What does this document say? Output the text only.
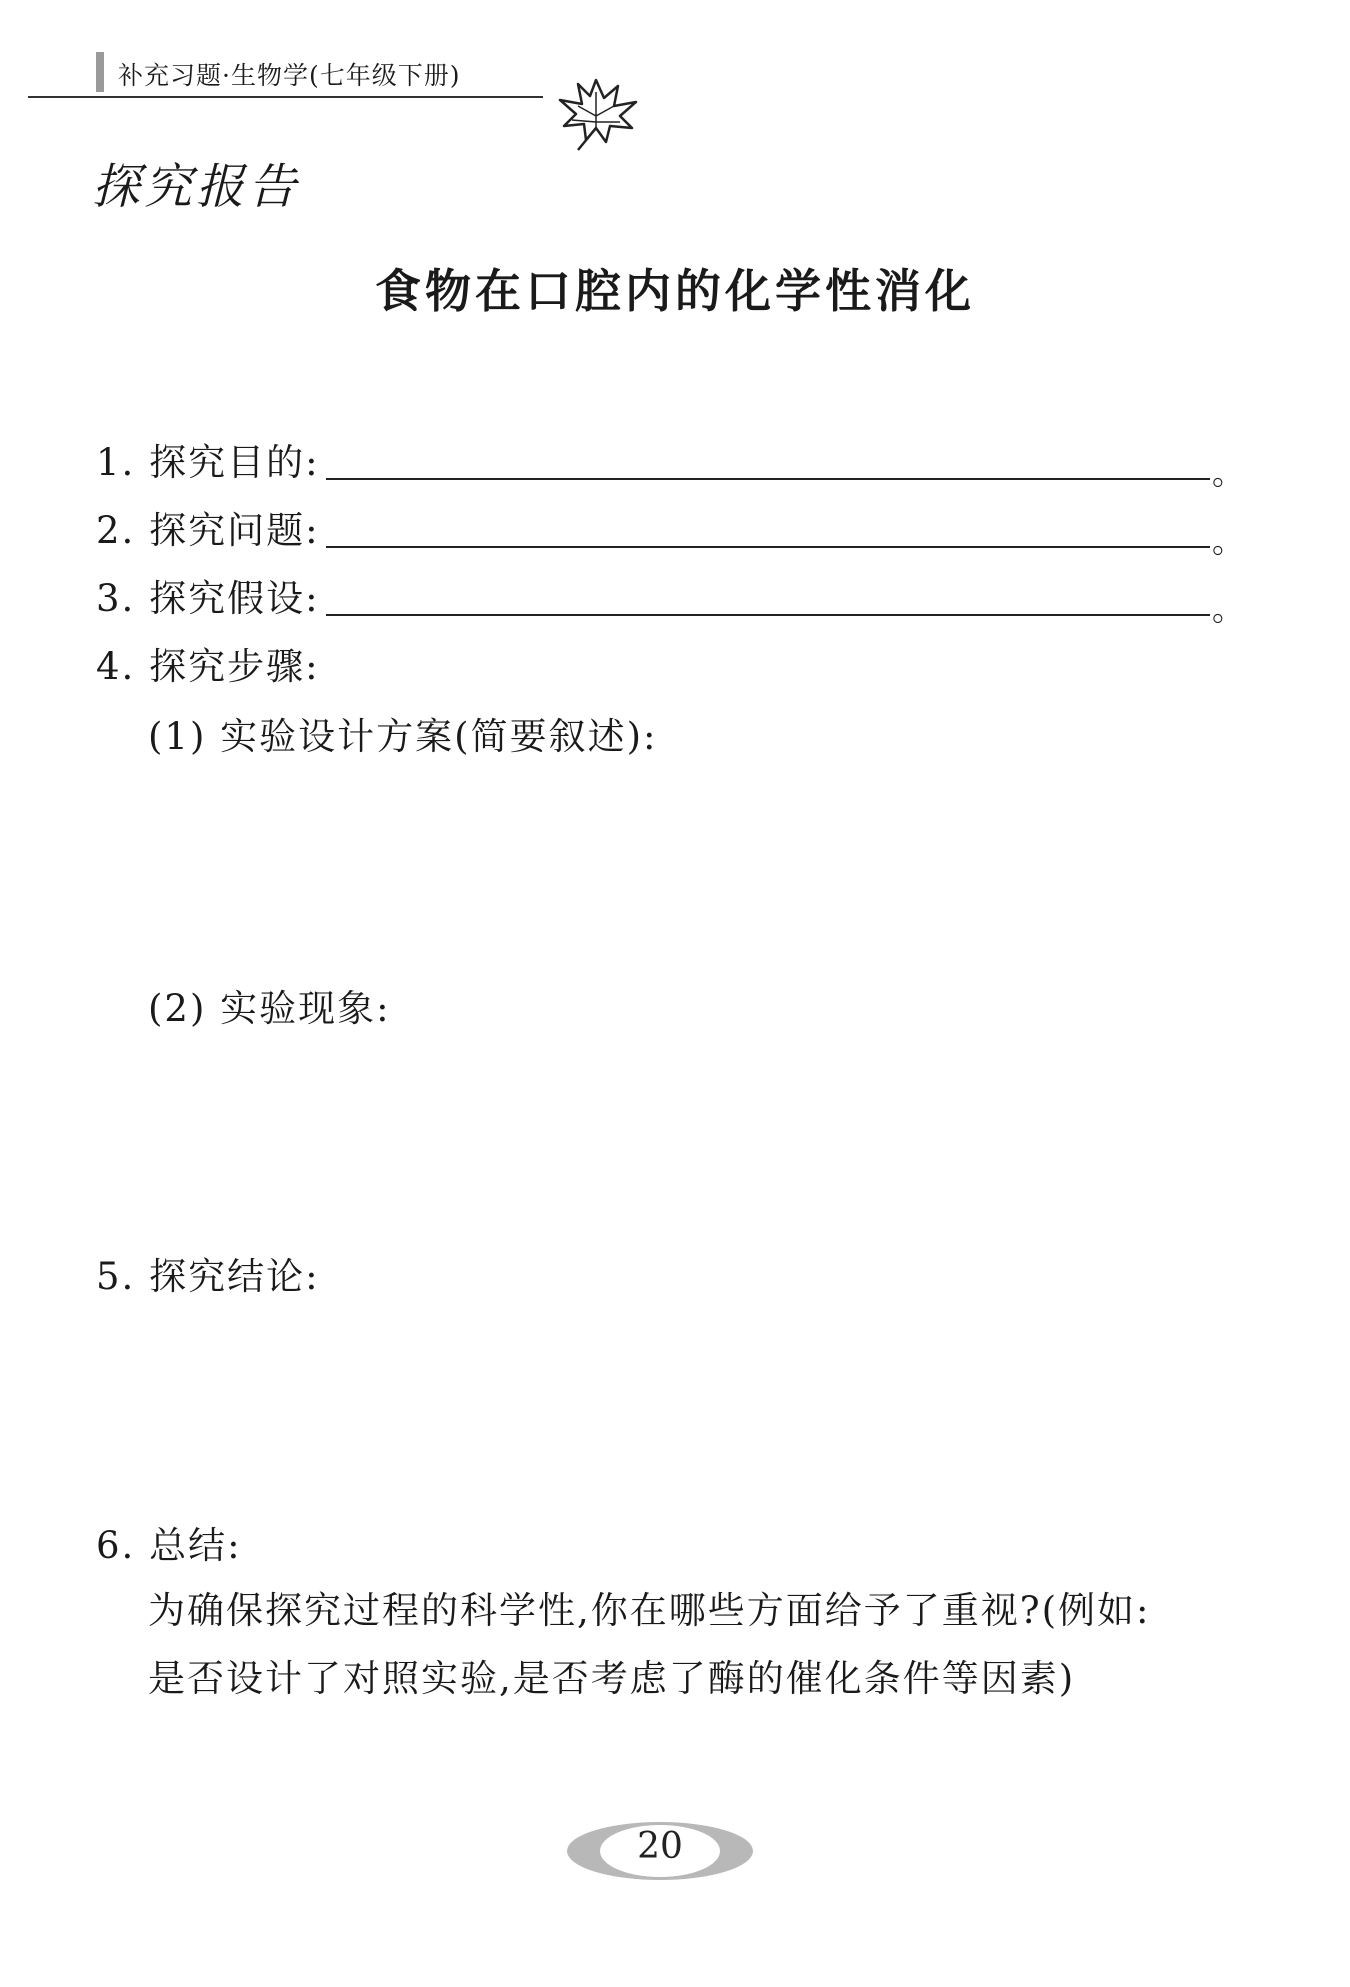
补充习题·生物学(七年级下册)
探究报告
食物在口腔内的化学性消化
1. 探究目的:	。
2. 探究问题:	。
3. 探究假设:	。
4. 探究步骤:
(1) 实验设计方案(简要叙述):
(2) 实验现象:
5. 探究结论:
6. 总结:
为确保探究过程的科学性,你在哪些方面给予了重视?(例如:
是否设计了对照实验,是否考虑了酶的催化条件等因素)
20
